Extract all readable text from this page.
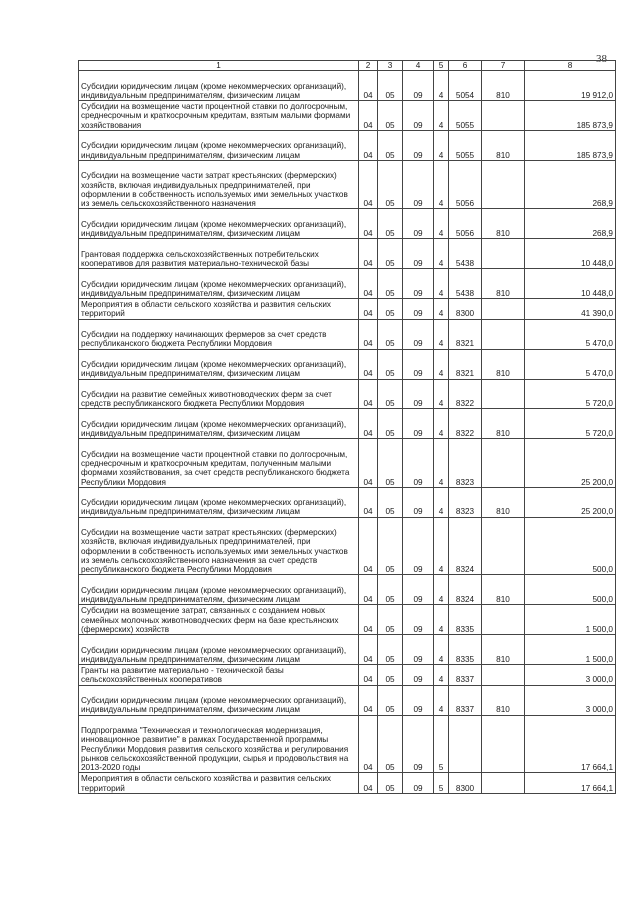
38
1	2	3	4	5	6	7	8
Субсидии юридическим лицам (кроме некоммерческих организаций), индивидуальным предпринимателям, физическим лицам	04	05	09	4	5054	810	19 912,0
Субсидии на возмещение части процентной ставки по долгосрочным, среднесрочным и краткосрочным кредитам, взятым малыми формами хозяйствования	04	05	09	4	5055		185 873,9
Субсидии юридическим лицам (кроме некоммерческих организаций), индивидуальным предпринимателям, физическим лицам	04	05	09	4	5055	810	185 873,9
Субсидии на возмещение части затрат крестьянских (фермерских) хозяйств, включая индивидуальных предпринимателей, при оформлении в собственность используемых ими земельных участков из земель сельскохозяйственного назначения	04	05	09	4	5056		268,9
Субсидии юридическим лицам (кроме некоммерческих организаций), индивидуальным предпринимателям, физическим лицам	04	05	09	4	5056	810	268,9
Грантовая поддержка сельскохозяйственных потребительских кооперативов для развития материально-технической базы	04	05	09	4	5438		10 448,0
Субсидии юридическим лицам (кроме некоммерческих организаций), индивидуальным предпринимателям, физическим лицам	04	05	09	4	5438	810	10 448,0
Мероприятия в области сельского хозяйства и развития сельских территорий	04	05	09	4	8300		41 390,0
Субсидии на поддержку начинающих фермеров за счет средств республиканского бюджета Республики Мордовия	04	05	09	4	8321		5 470,0
Субсидии юридическим лицам (кроме некоммерческих организаций), индивидуальным предпринимателям, физическим лицам	04	05	09	4	8321	810	5 470,0
Субсидии на развитие семейных животноводческих ферм за счет средств республиканского бюджета Республики Мордовия	04	05	09	4	8322		5 720,0
Субсидии юридическим лицам (кроме некоммерческих организаций), индивидуальным предпринимателям, физическим лицам	04	05	09	4	8322	810	5 720,0
Субсидии на возмещение части процентной ставки по долгосрочным, среднесрочным и краткосрочным кредитам, полученным малыми формами хозяйствования, за счет средств республиканского бюджета Республики Мордовия	04	05	09	4	8323		25 200,0
Субсидии юридическим лицам (кроме некоммерческих организаций), индивидуальным предпринимателям, физическим лицам	04	05	09	4	8323	810	25 200,0
Субсидии на возмещение части затрат крестьянских (фермерских) хозяйств, включая индивидуальных предпринимателей, при оформлении в собственность используемых ими земельных участков из земель сельскохозяйственного назначения за счет средств республиканского бюджета Республики Мордовия	04	05	09	4	8324		500,0
Субсидии юридическим лицам (кроме некоммерческих организаций), индивидуальным предпринимателям, физическим лицам	04	05	09	4	8324	810	500,0
Субсидии на возмещение затрат, связанных с созданием новых семейных молочных животноводческих ферм на базе крестьянских (фермерских) хозяйств	04	05	09	4	8335		1 500,0
Субсидии юридическим лицам (кроме некоммерческих организаций), индивидуальным предпринимателям, физическим лицам	04	05	09	4	8335	810	1 500,0
Гранты на развитие материально - технической базы сельскохозяйственных кооперативов	04	05	09	4	8337		3 000,0
Субсидии юридическим лицам (кроме некоммерческих организаций), индивидуальным предпринимателям, физическим лицам	04	05	09	4	8337	810	3 000,0
Подпрограмма "Техническая и технологическая модернизация, инновационное развитие" в рамках Государственной программы Республики Мордовия развития сельского хозяйства и регулирования рынков сельскохозяйственной продукции, сырья и продовольствия на 2013-2020 годы	04	05	09	5			17 664,1
Мероприятия в области сельского хозяйства и развития сельских территорий	04	05	09	5	8300		17 664,1
